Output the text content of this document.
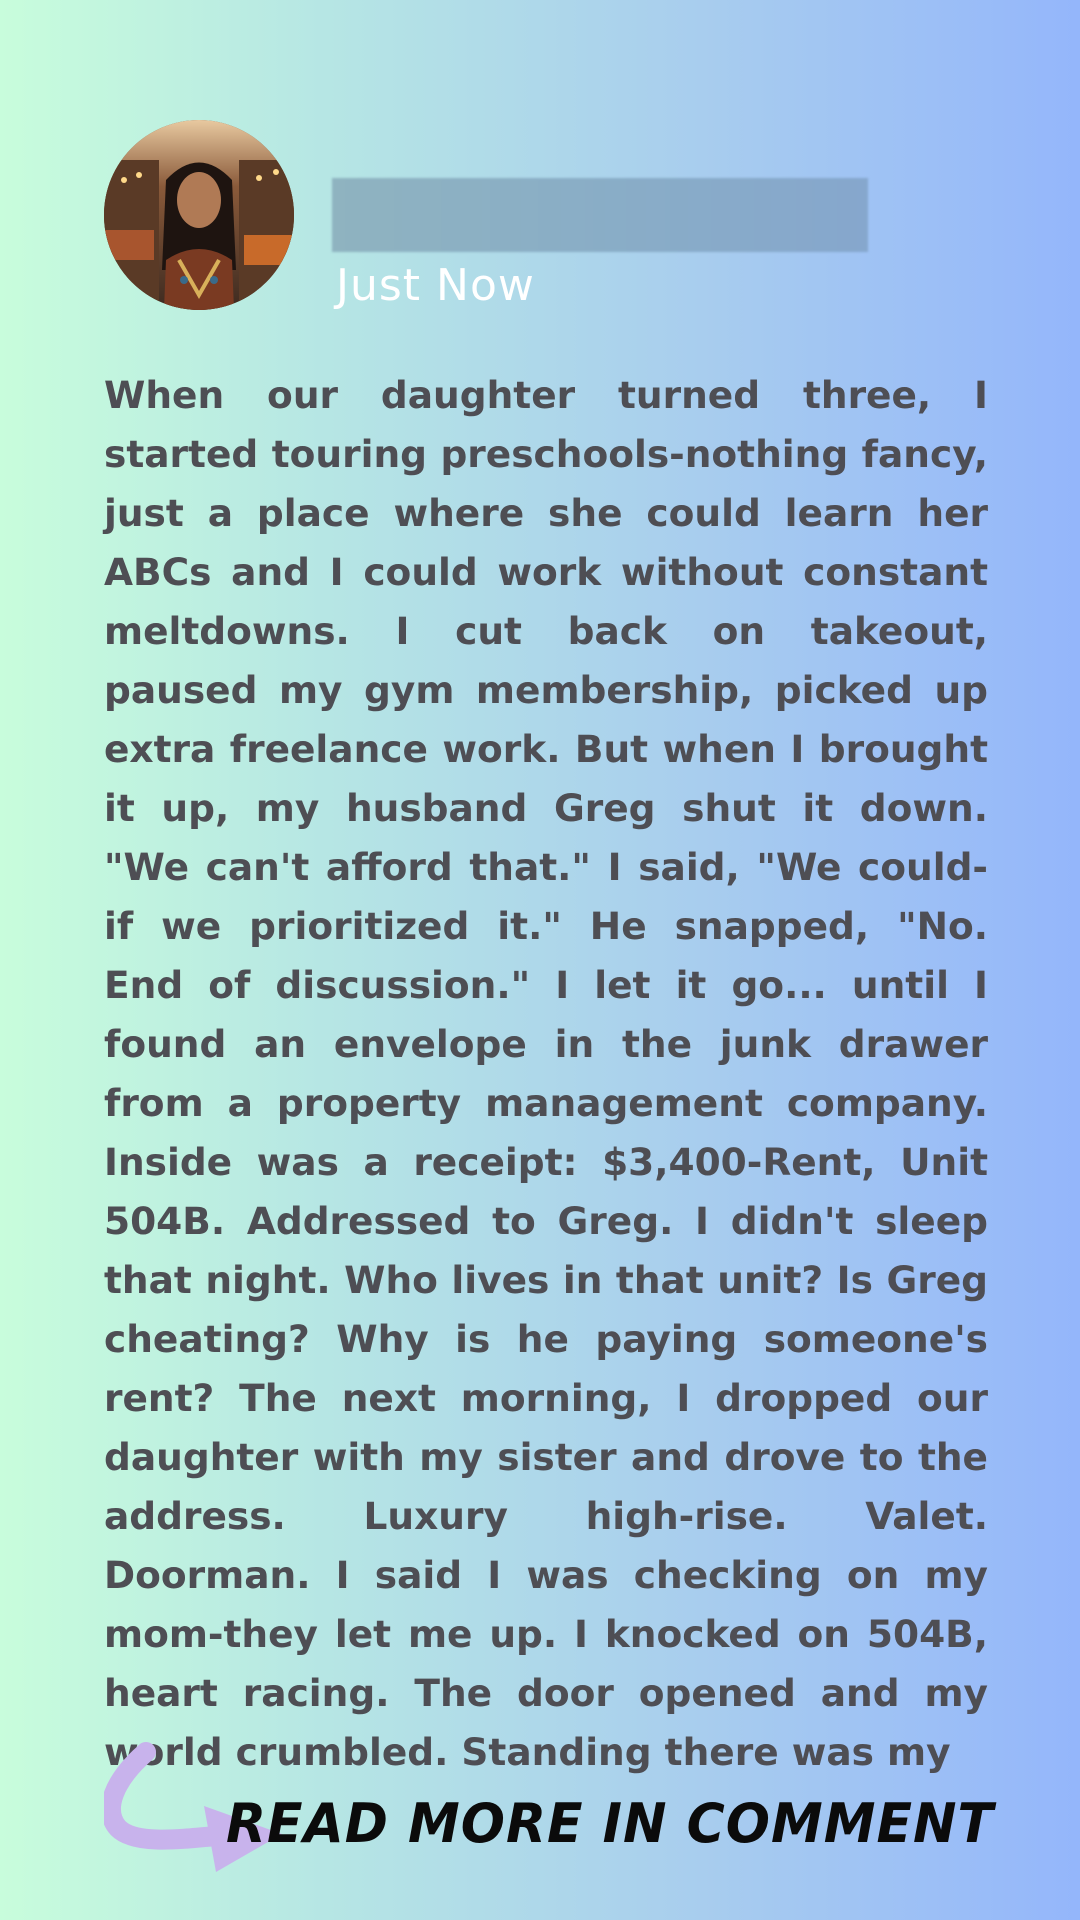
Just Now

When our daughter turned three, I started touring preschools-nothing fancy, just a place where she could learn her ABCs and I could work without constant meltdowns. I cut back on takeout, paused my gym membership, picked up extra freelance work. But when I brought it up, my husband Greg shut it down. "We can't afford that." I said, "We could-if we prioritized it." He snapped, "No. End of discussion." I let it go... until I found an envelope in the junk drawer from a property management company. Inside was a receipt: $3,400-Rent, Unit 504B. Addressed to Greg. I didn't sleep that night. Who lives in that unit? Is Greg cheating? Why is he paying someone's rent? The next morning, I dropped our daughter with my sister and drove to the address. Luxury high-rise. Valet. Doorman. I said I was checking on my mom-they let me up. I knocked on 504B, heart racing. The door opened and my world crumbled. Standing there was my

READ MORE IN COMMENT
